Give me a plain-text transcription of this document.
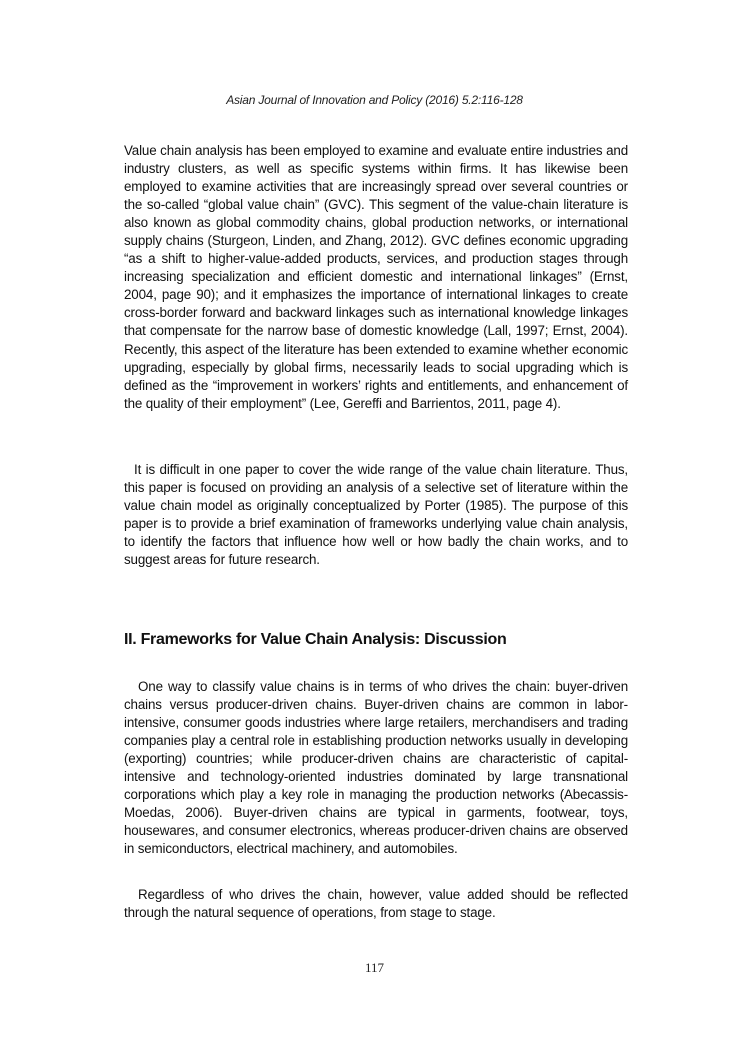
Asian Journal of Innovation and Policy (2016) 5.2:116-128

Value chain analysis has been employed to examine and evaluate entire industries and industry clusters, as well as specific systems within firms. It has likewise been employed to examine activities that are increasingly spread over several countries or the so-called “global value chain” (GVC). This segment of the value-chain literature is also known as global commodity chains, global production networks, or international supply chains (Sturgeon, Linden, and Zhang, 2012). GVC defines economic upgrading “as a shift to higher-value-added products, services, and production stages through increasing specialization and efficient domestic and international linkages” (Ernst, 2004, page 90); and it emphasizes the importance of international linkages to create cross-border forward and backward linkages such as international knowledge linkages that compensate for the narrow base of domestic knowledge (Lall, 1997; Ernst, 2004). Recently, this aspect of the literature has been extended to examine whether economic upgrading, especially by global firms, necessarily leads to social upgrading which is defined as the “improvement in workers’ rights and entitlements, and enhancement of the quality of their employment” (Lee, Gereffi and Barrientos, 2011, page 4).

It is difficult in one paper to cover the wide range of the value chain literature. Thus, this paper is focused on providing an analysis of a selective set of literature within the value chain model as originally conceptualized by Porter (1985). The purpose of this paper is to provide a brief examination of frameworks underlying value chain analysis, to identify the factors that influence how well or how badly the chain works, and to suggest areas for future research.

II. Frameworks for Value Chain Analysis: Discussion

One way to classify value chains is in terms of who drives the chain: buyer-driven chains versus producer-driven chains. Buyer-driven chains are common in labor-intensive, consumer goods industries where large retailers, merchandisers and trading companies play a central role in establishing production networks usually in developing (exporting) countries; while producer-driven chains are characteristic of capital-intensive and technology-oriented industries dominated by large transnational corporations which play a key role in managing the production networks (Abecassis-Moedas, 2006). Buyer-driven chains are typical in garments, footwear, toys, housewares, and consumer electronics, whereas producer-driven chains are observed in semiconductors, electrical machinery, and automobiles.

Regardless of who drives the chain, however, value added should be reflected through the natural sequence of operations, from stage to stage.

117
